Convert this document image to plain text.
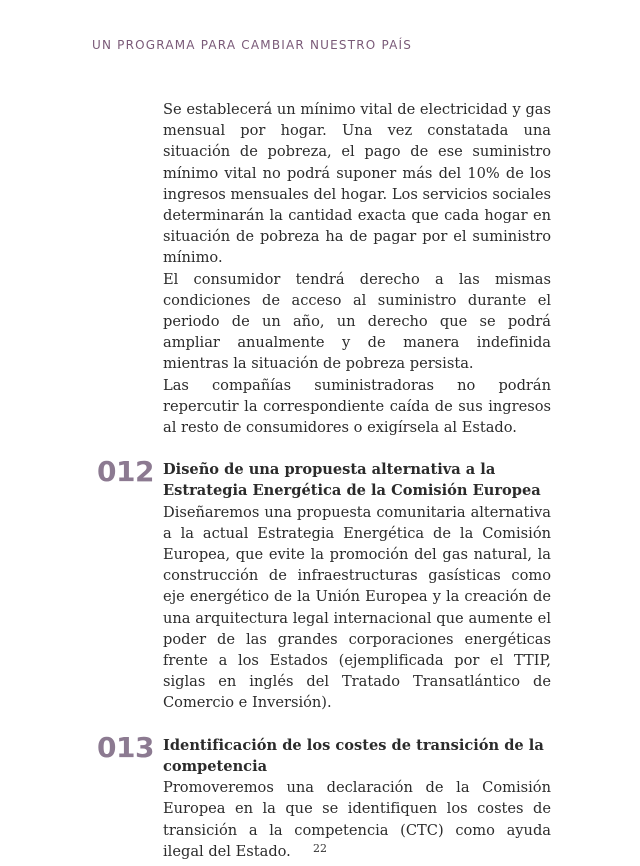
UN PROGRAMA PARA CAMBIAR NUESTRO PAÍS

Se establecerá un mínimo vital de electricidad y gas mensual por hogar. Una vez constatada una situación de pobreza, el pago de ese suministro mínimo vital no podrá suponer más del 10% de los ingresos mensuales del hogar. Los servicios sociales determinarán la cantidad exacta que cada hogar en situación de pobreza ha de pagar por el suministro mínimo.

El consumidor tendrá derecho a las mismas condiciones de acceso al suministro durante el periodo de un año, un derecho que se podrá ampliar anualmente y de manera indefinida mientras la situación de pobreza persista.

Las compañías suministradoras no podrán repercutir la correspondiente caída de sus ingresos al resto de consumidores o exigírsela al Estado.

012 Diseño de una propuesta alternativa a la Estrategia Energética de la Comisión Europea

Diseñaremos una propuesta comunitaria alternativa a la actual Estrategia Energética de la Comisión Europea, que evite la promoción del gas natural, la construcción de infraestructuras gasísticas como eje energético de la Unión Europea y la creación de una arquitectura legal internacional que aumente el poder de las grandes corporaciones energéticas frente a los Estados (ejemplificada por el TTIP, siglas en inglés del Tratado Transatlántico de Comercio e Inversión).

013 Identificación de los costes de transición de la competencia

Promoveremos una declaración de la Comisión Europea en la que se identifiquen los costes de transición a la competencia (CTC) como ayuda ilegal del Estado.	22
